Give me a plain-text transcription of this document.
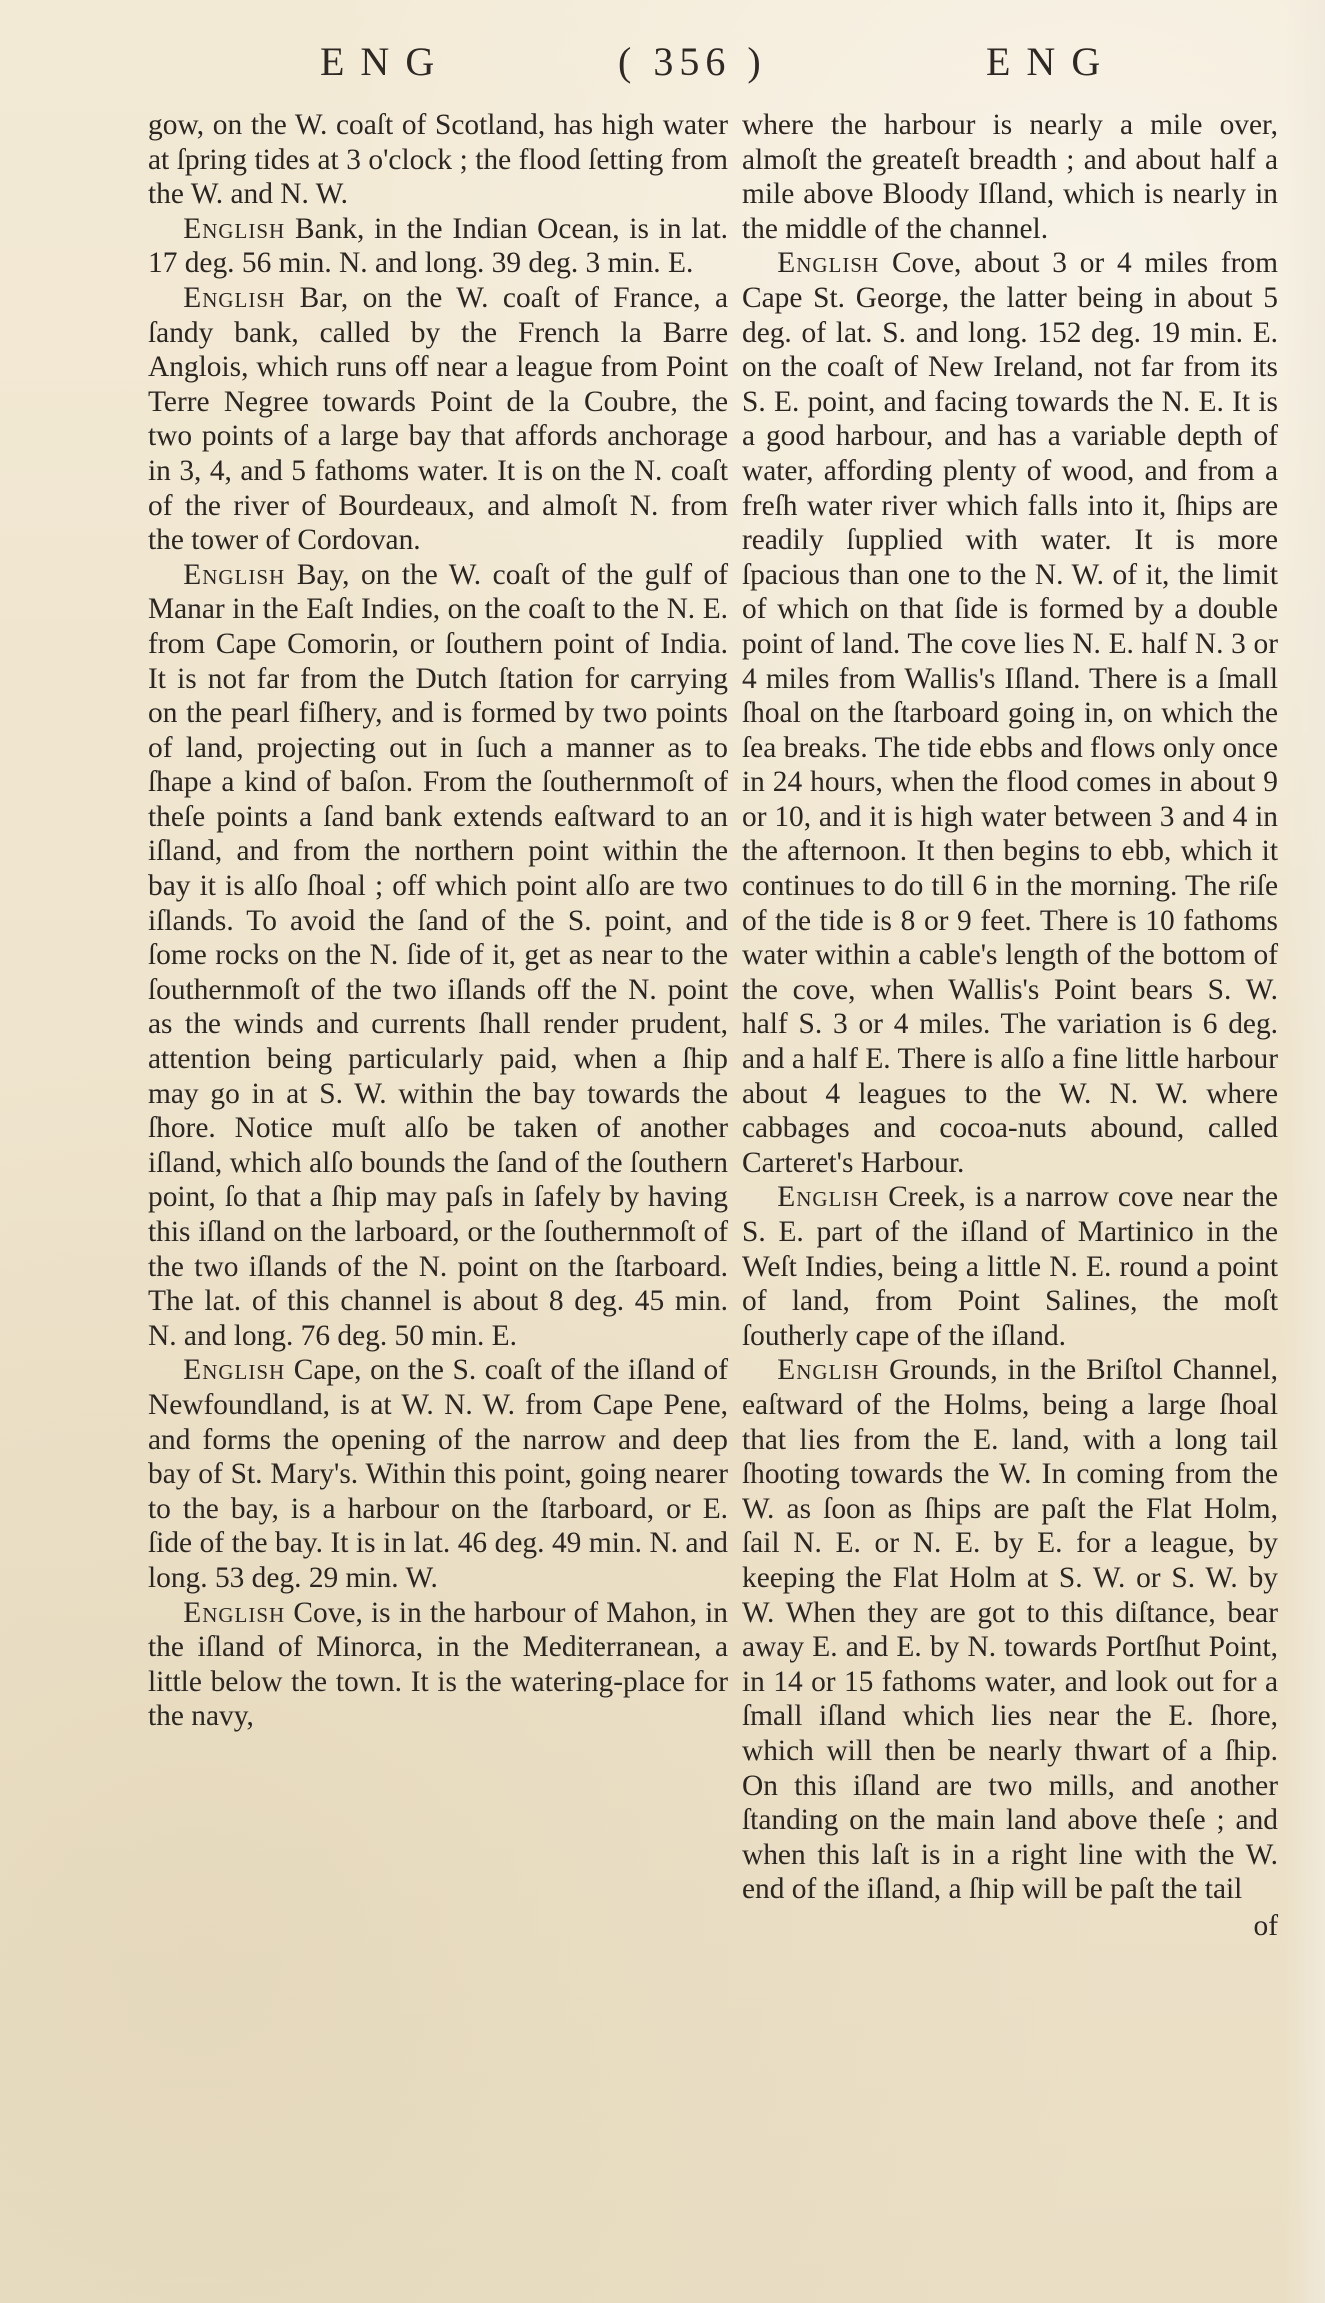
ENG	( 356 )	ENG

gow, on the W. coaſt of Scotland, has high water at ſpring tides at 3 o'clock ; the flood ſetting from the W. and N. W.

English Bank, in the Indian Ocean, is in lat. 17 deg. 56 min. N. and long. 39 deg. 3 min. E.

English Bar, on the W. coaſt of France, a ſandy bank, called by the French la Barre Anglois, which runs off near a league from Point Terre Negree towards Point de la Coubre, the two points of a large bay that affords anchorage in 3, 4, and 5 fathoms water. It is on the N. coaſt of the river of Bourdeaux, and almoſt N. from the tower of Cordovan.

English Bay, on the W. coaſt of the gulf of Manar in the Eaſt Indies, on the coaſt to the N. E. from Cape Comorin, or ſouthern point of India. It is not far from the Dutch ſtation for carrying on the pearl fiſhery, and is formed by two points of land, projecting out in ſuch a manner as to ſhape a kind of baſon. From the ſouthernmoſt of theſe points a ſand bank extends eaſtward to an iſland, and from the northern point within the bay it is alſo ſhoal ; off which point alſo are two iſlands. To avoid the ſand of the S. point, and ſome rocks on the N. ſide of it, get as near to the ſouthernmoſt of the two iſlands off the N. point as the winds and currents ſhall render prudent, attention being particularly paid, when a ſhip may go in at S. W. within the bay towards the ſhore. Notice muſt alſo be taken of another iſland, which alſo bounds the ſand of the ſouthern point, ſo that a ſhip may paſs in ſafely by having this iſland on the larboard, or the ſouthernmoſt of the two iſlands of the N. point on the ſtarboard. The lat. of this channel is about 8 deg. 45 min. N. and long. 76 deg. 50 min. E.

English Cape, on the S. coaſt of the iſland of Newfoundland, is at W. N. W. from Cape Pene, and forms the opening of the narrow and deep bay of St. Mary's. Within this point, going nearer to the bay, is a harbour on the ſtarboard, or E. ſide of the bay. It is in lat. 46 deg. 49 min. N. and long. 53 deg. 29 min. W.

English Cove, is in the harbour of Mahon, in the iſland of Minorca, in the Mediterranean, a little below the town. It is the watering-place for the navy,

where the harbour is nearly a mile over, almoſt the greateſt breadth ; and about half a mile above Bloody Iſland, which is nearly in the middle of the channel.

English Cove, about 3 or 4 miles from Cape St. George, the latter being in about 5 deg. of lat. S. and long. 152 deg. 19 min. E. on the coaſt of New Ireland, not far from its S. E. point, and facing towards the N. E. It is a good harbour, and has a variable depth of water, affording plenty of wood, and from a freſh water river which falls into it, ſhips are readily ſupplied with water. It is more ſpacious than one to the N. W. of it, the limit of which on that ſide is formed by a double point of land. The cove lies N. E. half N. 3 or 4 miles from Wallis's Iſland. There is a ſmall ſhoal on the ſtarboard going in, on which the ſea breaks. The tide ebbs and flows only once in 24 hours, when the flood comes in about 9 or 10, and it is high water between 3 and 4 in the afternoon. It then begins to ebb, which it continues to do till 6 in the morning. The riſe of the tide is 8 or 9 feet. There is 10 fathoms water within a cable's length of the bottom of the cove, when Wallis's Point bears S. W. half S. 3 or 4 miles. The variation is 6 deg. and a half E. There is alſo a fine little harbour about 4 leagues to the W. N. W. where cabbages and cocoa-nuts abound, called Carteret's Harbour.

English Creek, is a narrow cove near the S. E. part of the iſland of Martinico in the Weſt Indies, being a little N. E. round a point of land, from Point Salines, the moſt ſoutherly cape of the iſland.

English Grounds, in the Briſtol Channel, eaſtward of the Holms, being a large ſhoal that lies from the E. land, with a long tail ſhooting towards the W. In coming from the W. as ſoon as ſhips are paſt the Flat Holm, ſail N. E. or N. E. by E. for a league, by keeping the Flat Holm at S. W. or S. W. by W. When they are got to this diſtance, bear away E. and E. by N. towards Portſhut Point, in 14 or 15 fathoms water, and look out for a ſmall iſland which lies near the E. ſhore, which will then be nearly thwart of a ſhip. On this iſland are two mills, and another ſtanding on the main land above theſe ; and when this laſt is in a right line with the W. end of the iſland, a ſhip will be paſt the tail

of
